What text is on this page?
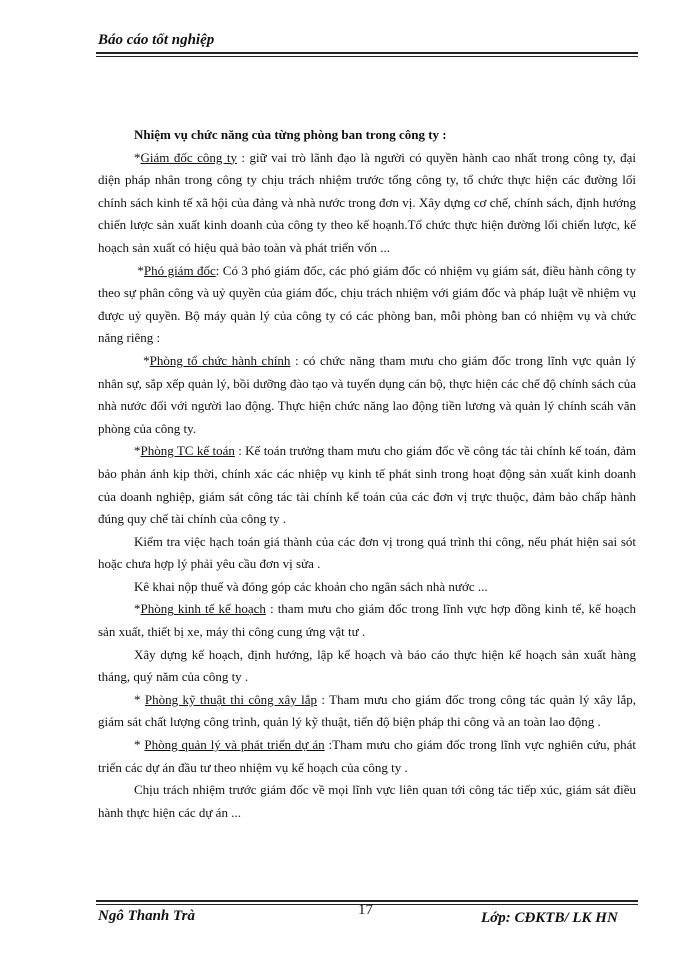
Báo cáo tốt nghiệp

Nhiệm vụ chức năng của từng phòng ban trong công ty :

*Giám đốc công ty : giữ vai trò lãnh đạo là người có quyền hành cao nhất trong công ty, đại diện pháp nhân trong công ty chịu trách nhiệm trước tổng công ty, tổ chức thực hiện các đường lối chính sách kinh tế xã hội của đảng và nhà nước trong đơn vị. Xây dựng cơ chế, chính sách, định hướng chiến lược sản xuất kinh doanh của công ty theo kế hoạnh.Tổ chức thực hiện đường lối chiến lược, kế hoạch sản xuất có hiệu quả bảo toàn và phát triển vốn ...

*Phó giám đốc: Có 3 phó giám đốc, các phó giám đốc có nhiệm vụ giám sát, điều hành công ty theo sự phân công và uỷ quyền của giám đốc, chịu trách nhiệm với giám đốc và pháp luật về nhiệm vụ được uỷ quyền. Bộ máy quản lý của công ty có các phòng ban, mỗi phòng ban có nhiệm vụ và chức năng riêng :

*Phòng tổ chức hành chính : có chức năng tham mưu cho giám đốc trong lĩnh vực quản lý nhân sự, sắp xếp quản lý, bồi dưỡng đào tạo và tuyển dụng cán bộ, thực hiện các chế độ chính sách của nhà nước đối với người lao động. Thực hiện chức năng lao động tiền lương và quản lý chính scáh văn phòng của công ty.

*Phòng TC kế toán : Kế toán trưởng tham mưu cho giám đốc về công tác tài chính kế toán, đảm bảo phản ánh kịp thời, chính xác các nhiệp vụ kinh tế phát sinh trong hoạt động sản xuất kinh doanh của doanh nghiệp, giám sát công tác tài chính kế toán của các đơn vị trực thuộc, đảm bảo chấp hành đúng quy chế tài chính của công ty .

Kiểm tra việc hạch toán giá thành của các đơn vị trong quá trình thi công, nếu phát hiện sai sót hoặc chưa hợp lý phải yêu cầu đơn vị sửa .

Kê khai nộp thuế và đóng góp các khoản cho ngân sách nhà nước ...

*Phòng kinh tế kế hoạch : tham mưu cho giám đốc trong lĩnh vực hợp đồng kinh tế, kế hoạch sản xuất, thiết bị xe, máy thi công cung ứng vật tư .

Xây dựng kế hoạch, định hướng, lập kế hoạch và báo cáo thực hiện kế hoạch sản xuất hàng tháng, quý năm của công ty .

* Phòng kỹ thuật thi công xây lắp : Tham mưu cho giám đốc trong công tác quản lý xây lắp, giám sát chất lượng công trình, quản lý kỹ thuật, tiến độ biện pháp thi công và an toàn lao động .

* Phòng quản lý và phát triển dự án :Tham mưu cho giám đốc trong lĩnh vực nghiên cứu, phát triển các dự án đầu tư theo nhiệm vụ kế hoạch của công ty .

Chịu trách nhiệm trước giám đốc về mọi lĩnh vực liên quan tới công tác tiếp xúc, giám sát điều hành thực hiện các dự án ...

Ngô Thanh Trà	17	Lớp: CĐKTB/ LK HN
